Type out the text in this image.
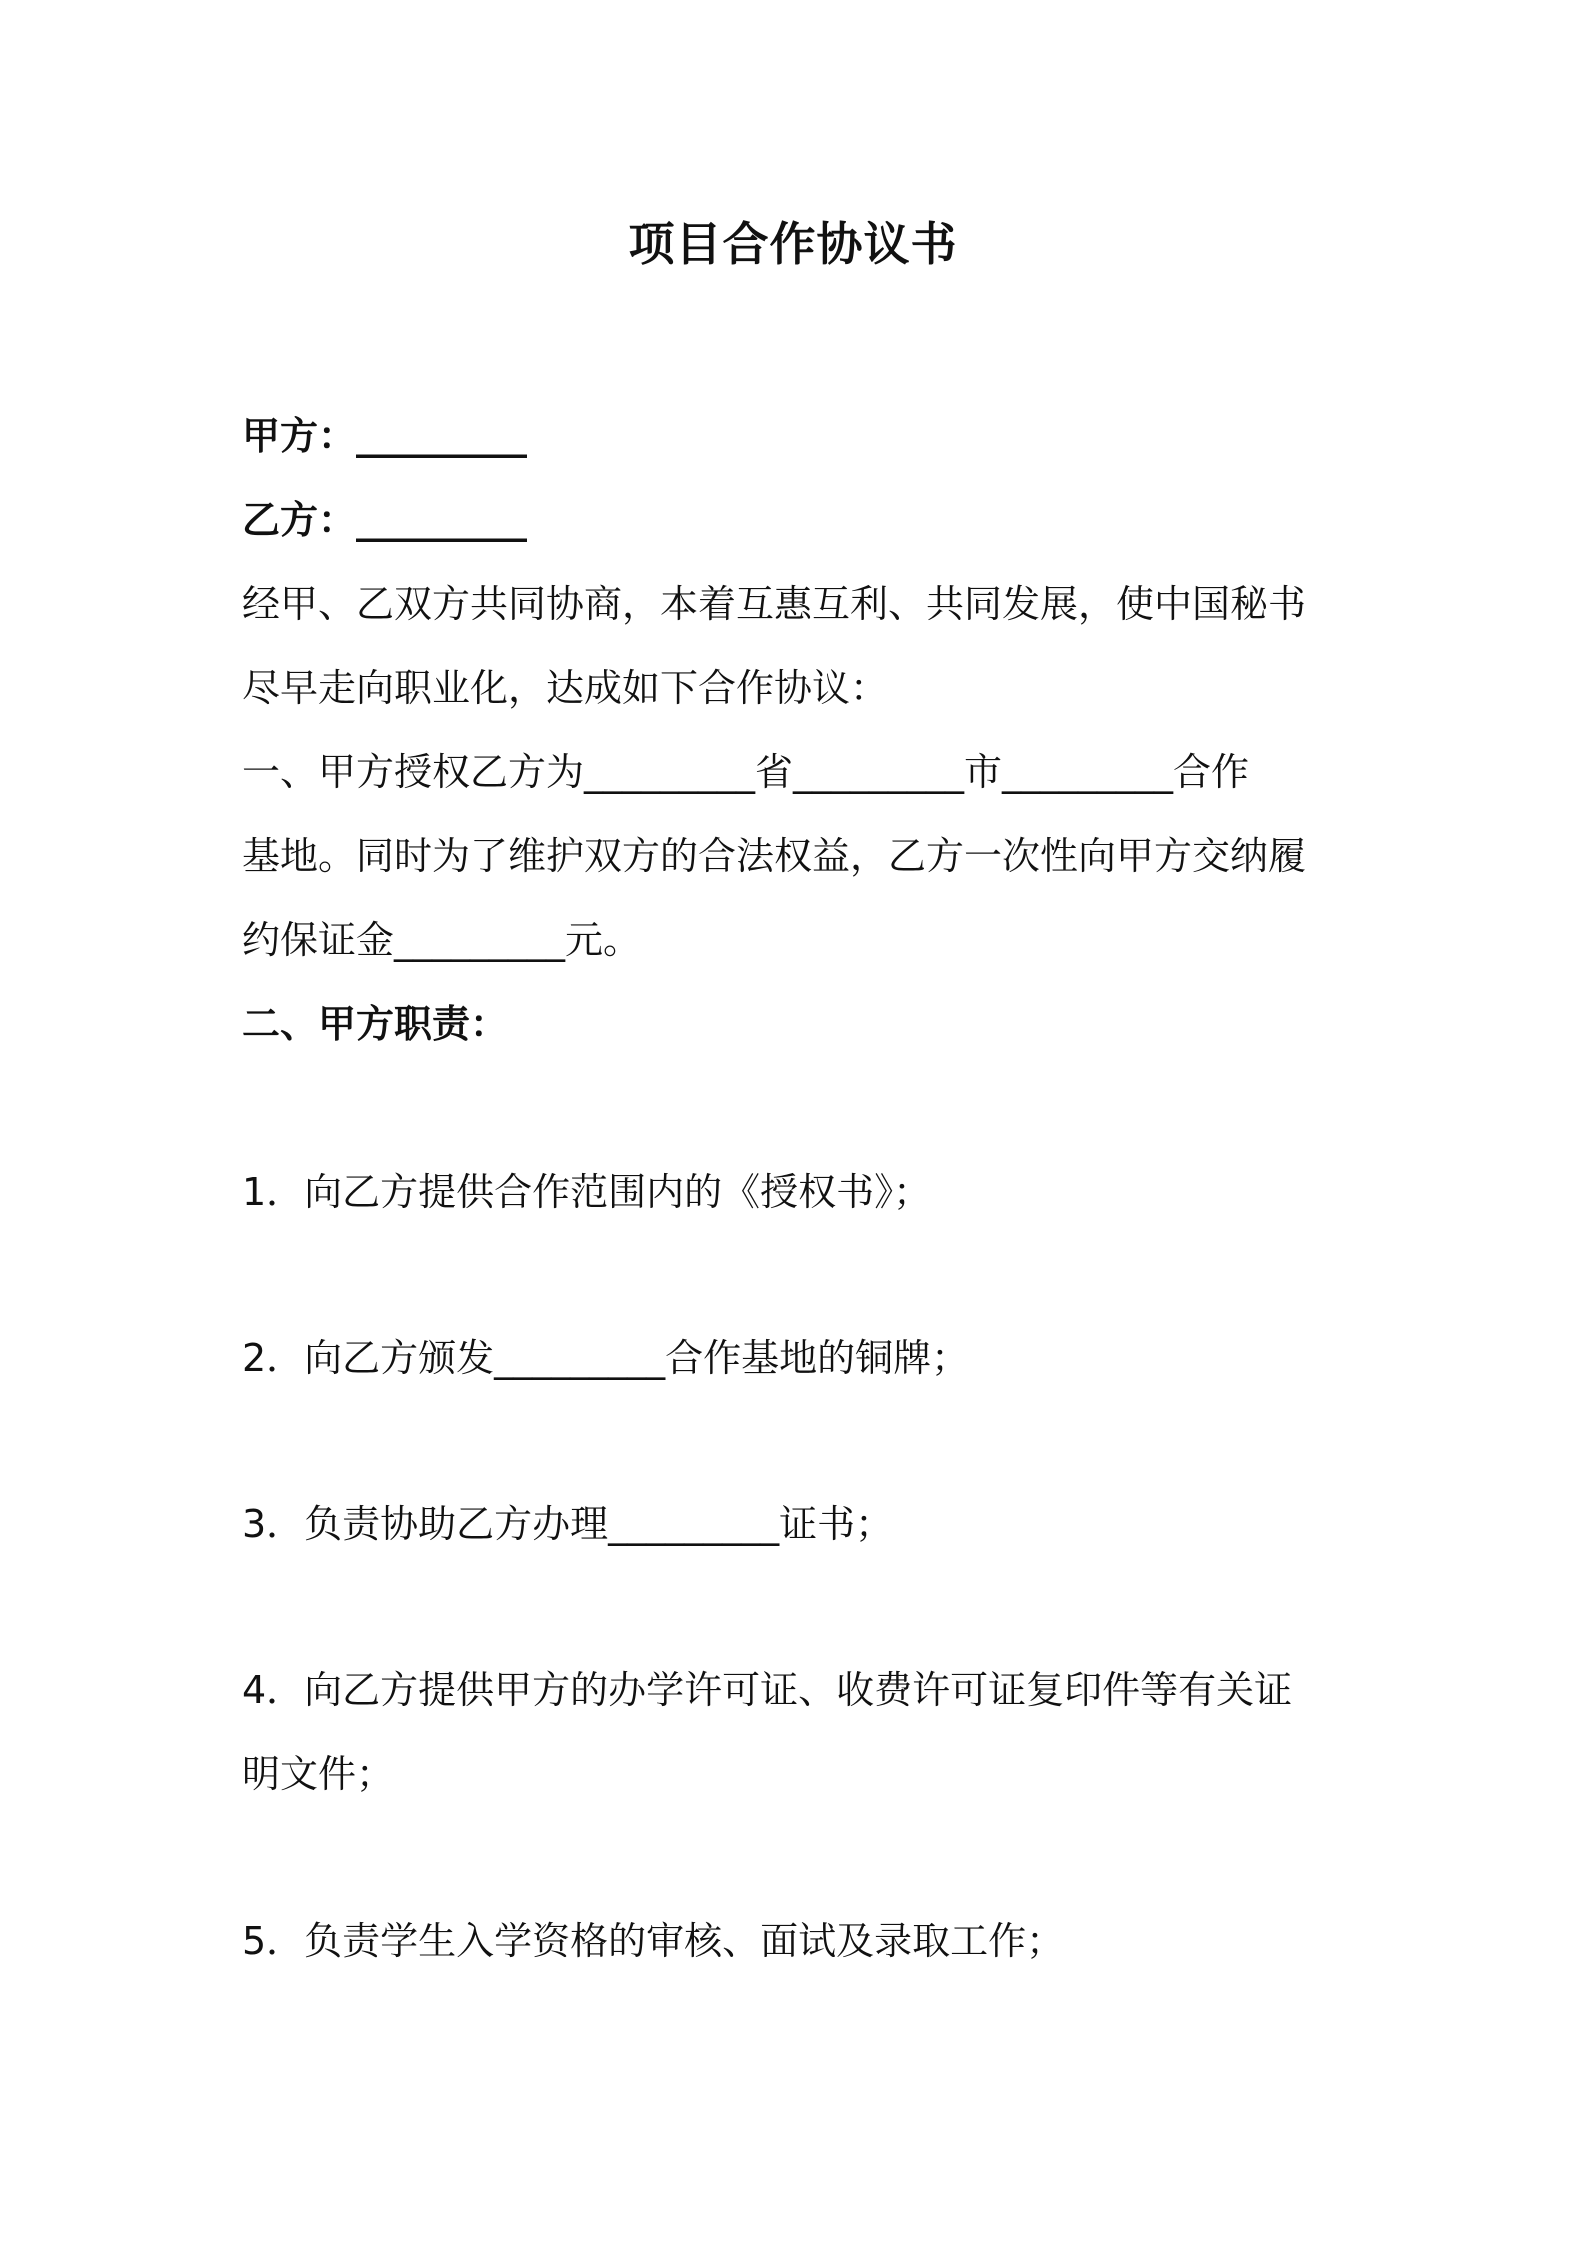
项目合作协议书
甲方：_________
乙方：_________
经甲、乙双方共同协商，本着互惠互利、共同发展，使中国秘书
尽早走向职业化，达成如下合作协议：
一、甲方授权乙方为_________省_________市_________合作
基地。同时为了维护双方的合法权益，乙方一次性向甲方交纳履
约保证金_________元。
二、甲方职责：
1．向乙方提供合作范围内的《授权书》；
2．向乙方颁发_________合作基地的铜牌；
3．负责协助乙方办理_________证书；
4．向乙方提供甲方的办学许可证、收费许可证复印件等有关证
明文件；
5．负责学生入学资格的审核、面试及录取工作；
